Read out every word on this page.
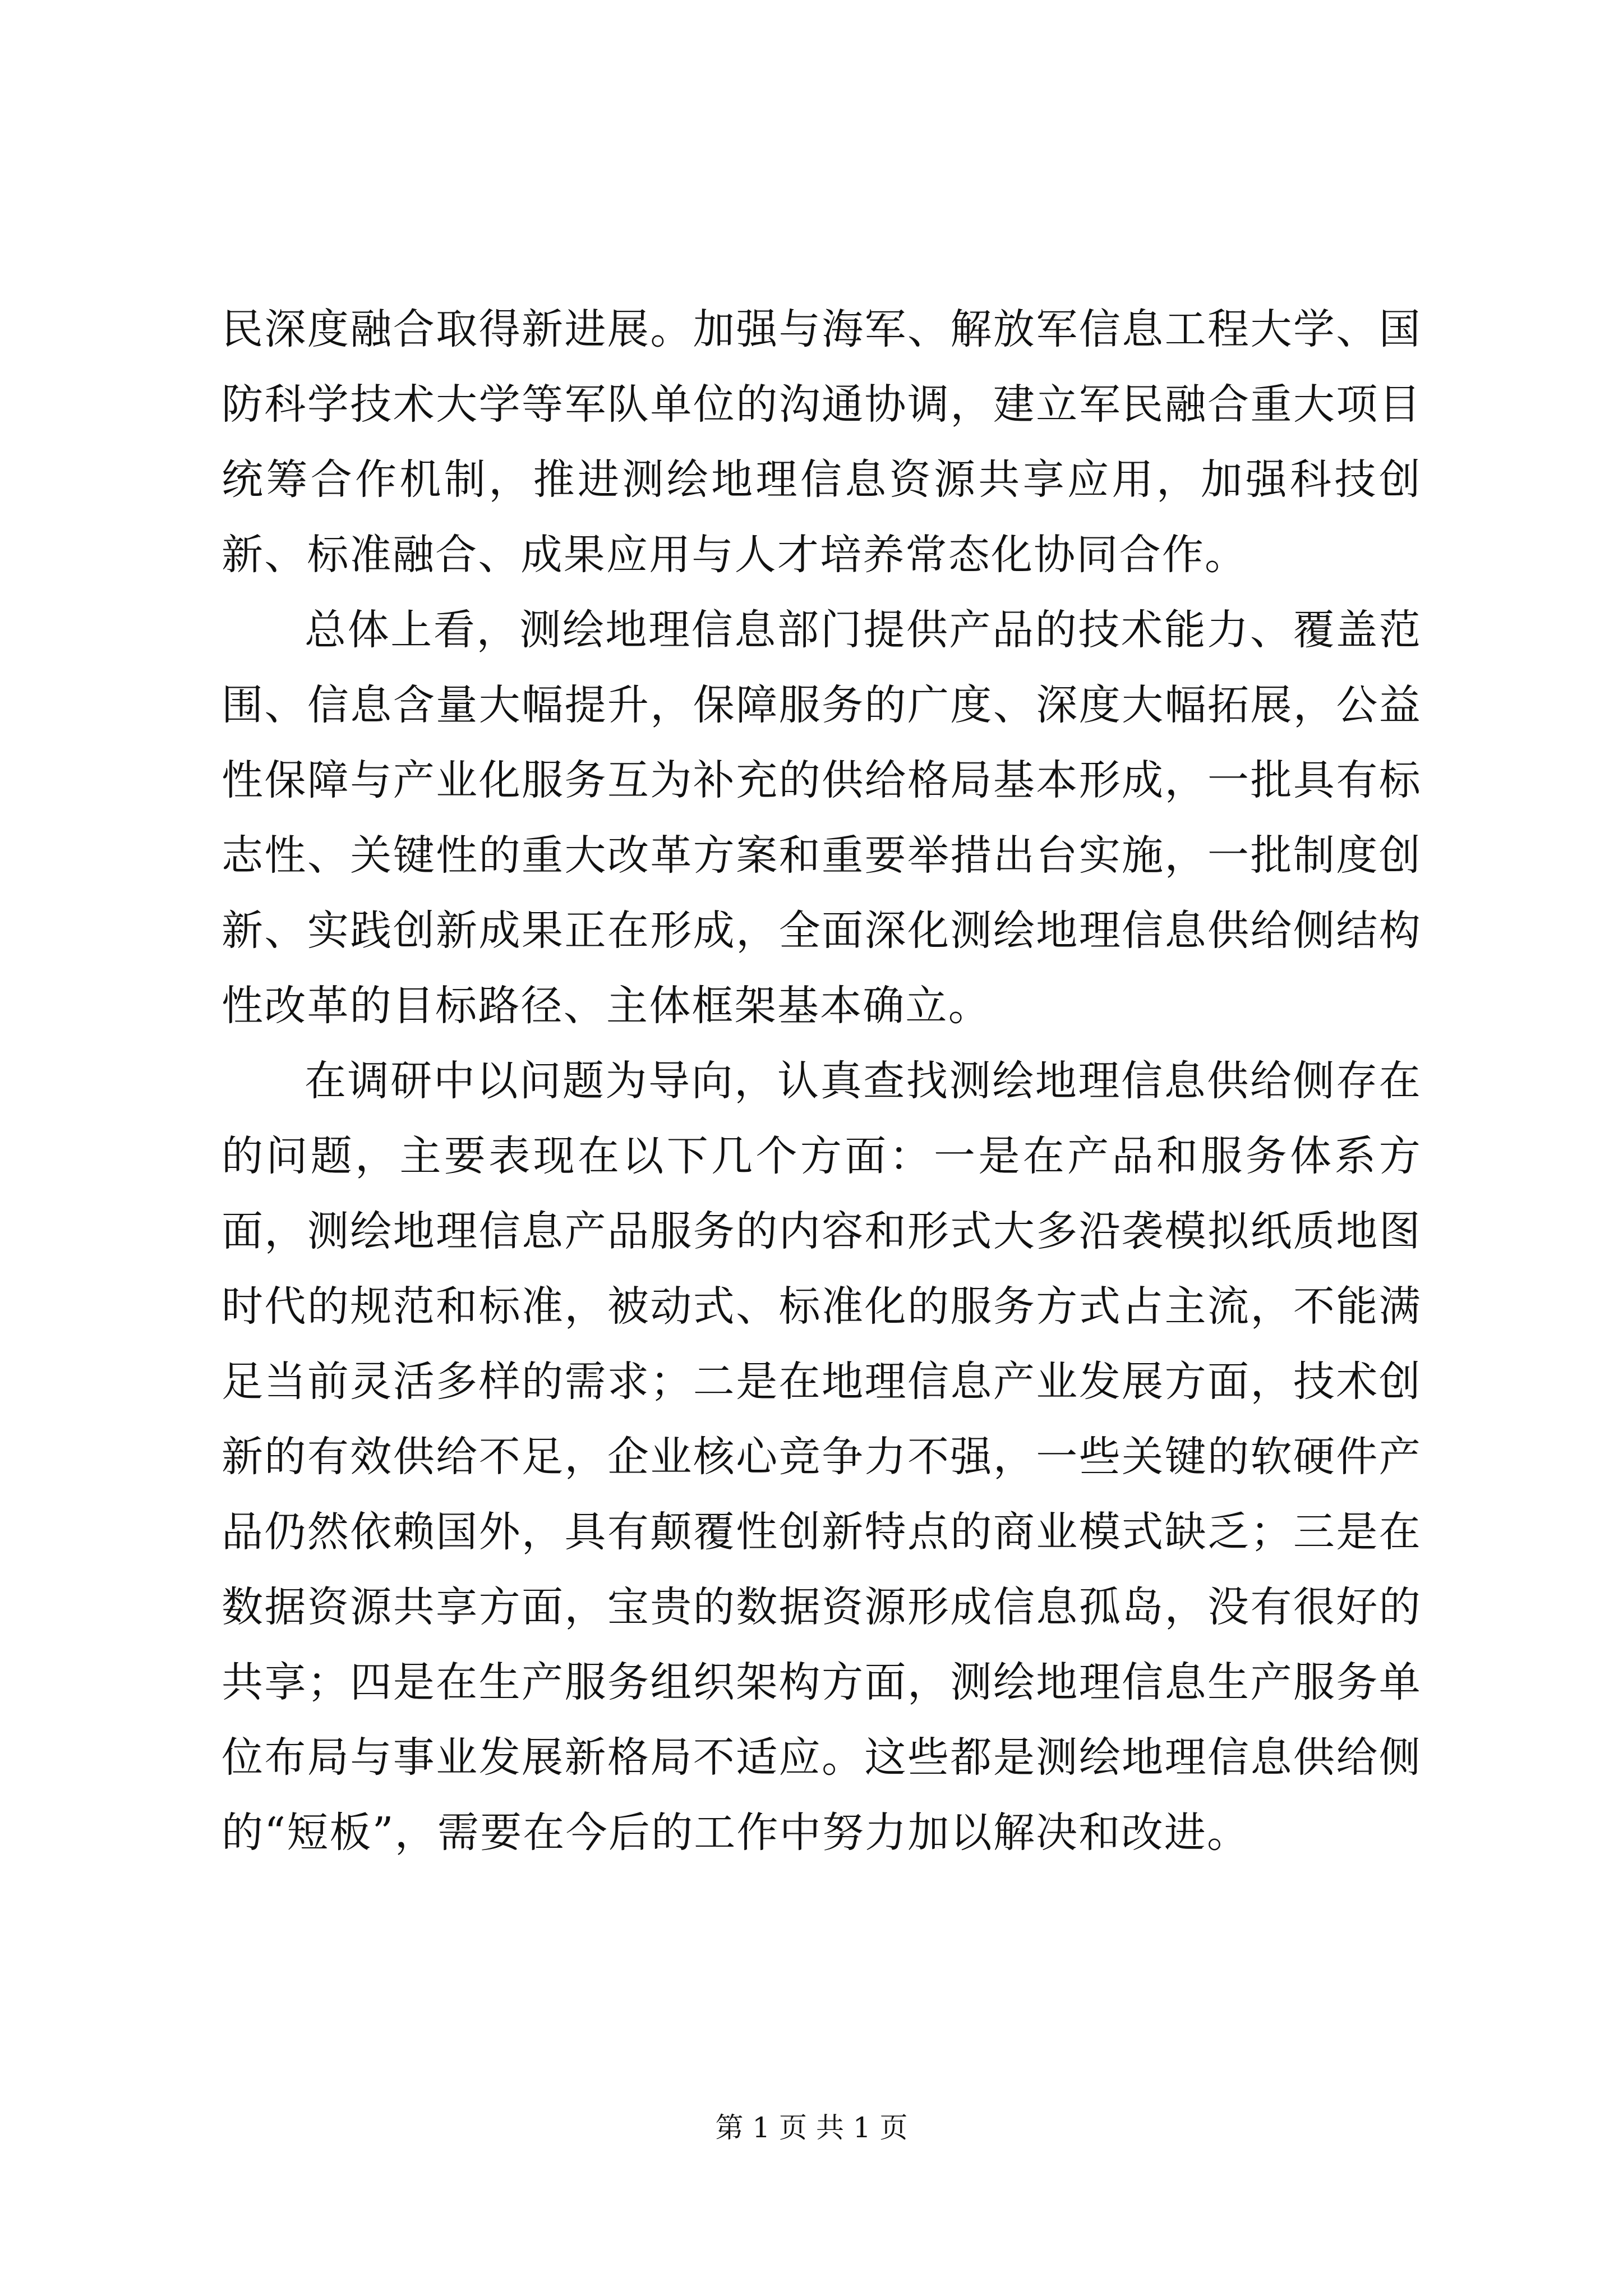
民深度融合取得新进展。加强与海军、解放军信息工程大学、国防科学技术大学等军队单位的沟通协调，建立军民融合重大项目统筹合作机制，推进测绘地理信息资源共享应用，加强科技创新、标准融合、成果应用与人才培养常态化协同合作。

总体上看，测绘地理信息部门提供产品的技术能力、覆盖范围、信息含量大幅提升，保障服务的广度、深度大幅拓展，公益性保障与产业化服务互为补充的供给格局基本形成，一批具有标志性、关键性的重大改革方案和重要举措出台实施，一批制度创新、实践创新成果正在形成，全面深化测绘地理信息供给侧结构性改革的目标路径、主体框架基本确立。

在调研中以问题为导向，认真查找测绘地理信息供给侧存在的问题，主要表现在以下几个方面：一是在产品和服务体系方面，测绘地理信息产品服务的内容和形式大多沿袭模拟纸质地图时代的规范和标准，被动式、标准化的服务方式占主流，不能满足当前灵活多样的需求；二是在地理信息产业发展方面，技术创新的有效供给不足，企业核心竞争力不强，一些关键的软硬件产品仍然依赖国外，具有颠覆性创新特点的商业模式缺乏；三是在数据资源共享方面，宝贵的数据资源形成信息孤岛，没有很好的共享；四是在生产服务组织架构方面，测绘地理信息生产服务单位布局与事业发展新格局不适应。这些都是测绘地理信息供给侧的“短板”，需要在今后的工作中努力加以解决和改进。

第 1 页 共 1 页
